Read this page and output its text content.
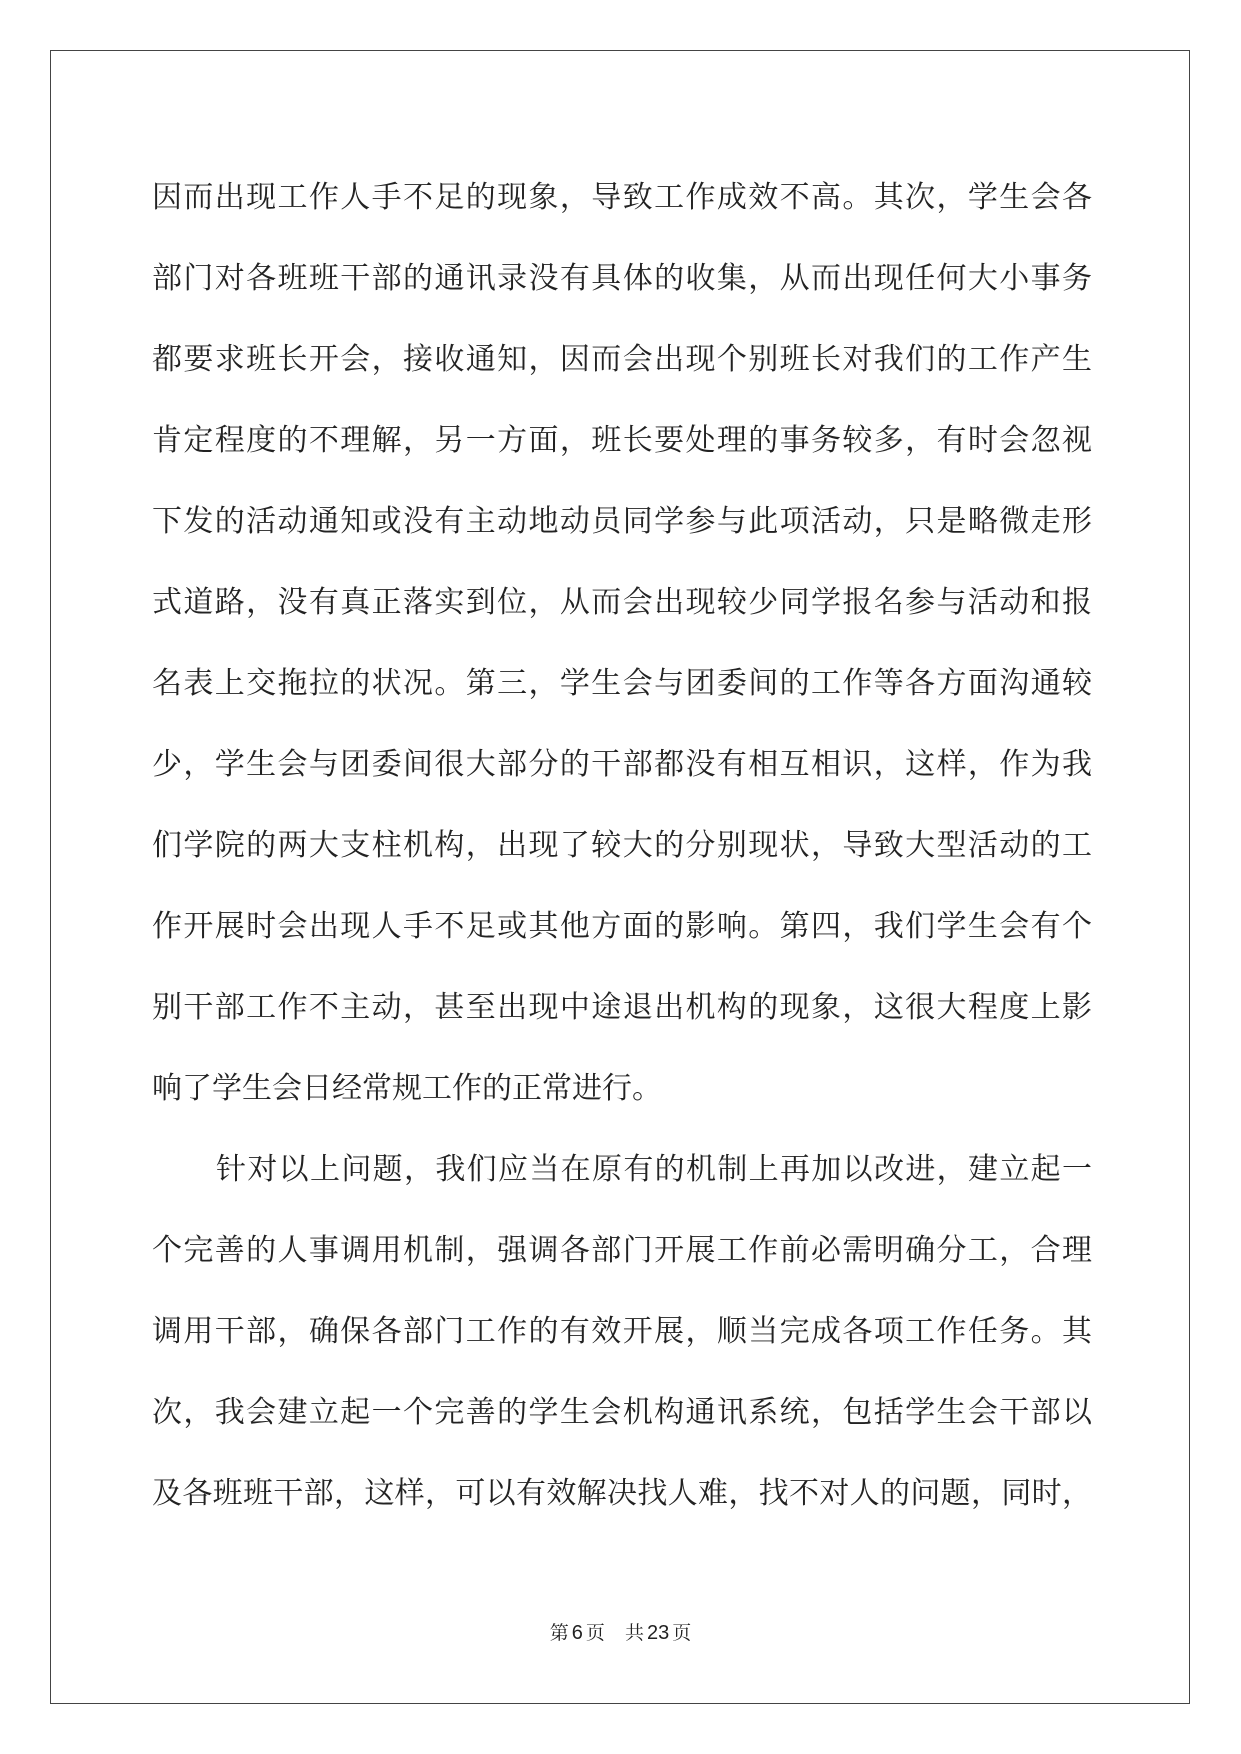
因而出现工作人手不足的现象，导致工作成效不高。其次，学生会各
部门对各班班干部的通讯录没有具体的收集，从而出现任何大小事务
都要求班长开会，接收通知，因而会出现个别班长对我们的工作产生
肯定程度的不理解，另一方面，班长要处理的事务较多，有时会忽视
下发的活动通知或没有主动地动员同学参与此项活动，只是略微走形
式道路，没有真正落实到位，从而会出现较少同学报名参与活动和报
名表上交拖拉的状况。第三，学生会与团委间的工作等各方面沟通较
少，学生会与团委间很大部分的干部都没有相互相识，这样，作为我
们学院的两大支柱机构，出现了较大的分别现状，导致大型活动的工
作开展时会出现人手不足或其他方面的影响。第四，我们学生会有个
别干部工作不主动，甚至出现中途退出机构的现象，这很大程度上影
响了学生会日经常规工作的正常进行。
针对以上问题，我们应当在原有的机制上再加以改进，建立起一
个完善的人事调用机制，强调各部门开展工作前必需明确分工，合理
调用干部，确保各部门工作的有效开展，顺当完成各项工作任务。其
次，我会建立起一个完善的学生会机构通讯系统，包括学生会干部以
及各班班干部，这样，可以有效解决找人难，找不对人的问题，同时，
第 6 页 共 23 页
